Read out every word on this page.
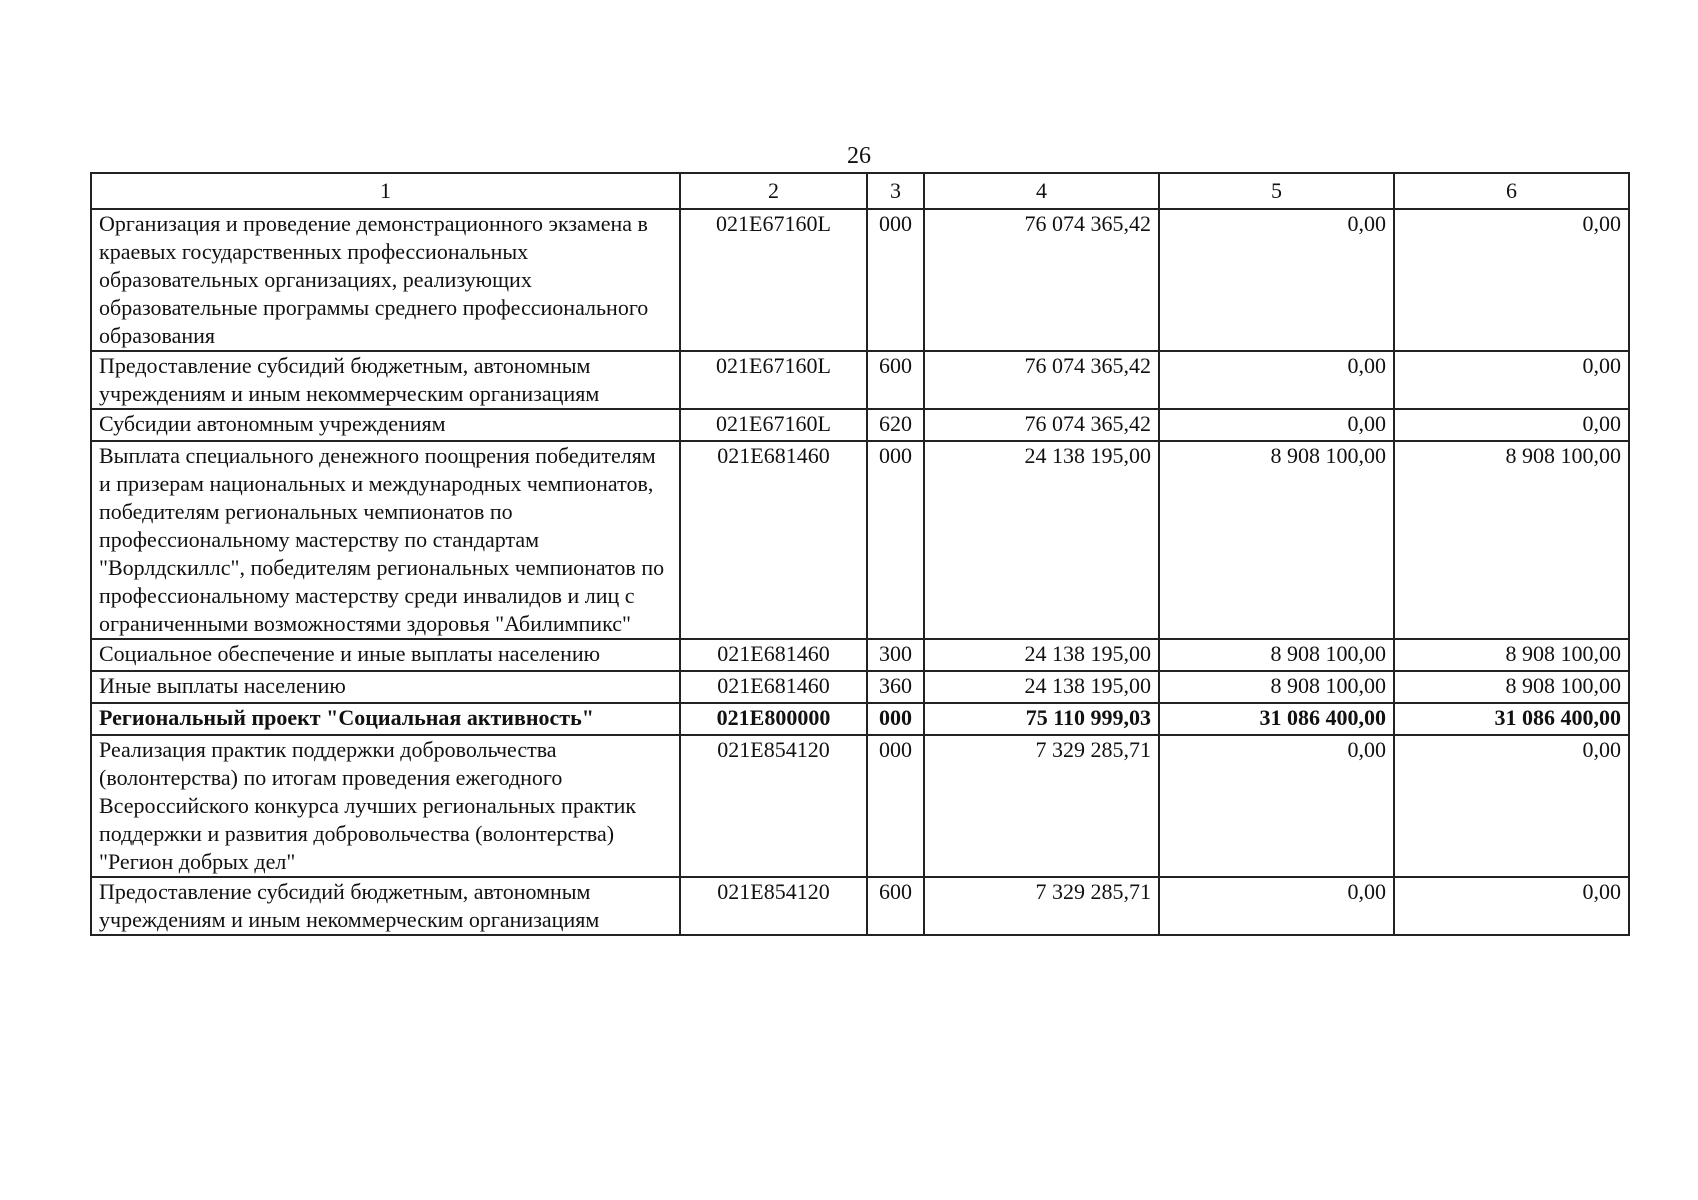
26
1	2	3	4	5	6
Организация и проведение демонстрационного экзамена в краевых государственных профессиональных образовательных организациях, реализующих образовательные программы среднего профессионального образования	021E67160L	000	76 074 365,42	0,00	0,00
Предоставление субсидий бюджетным, автономным учреждениям и иным некоммерческим организациям	021E67160L	600	76 074 365,42	0,00	0,00
Субсидии автономным учреждениям	021E67160L	620	76 074 365,42	0,00	0,00
Выплата специального денежного поощрения победителям и призерам национальных и международных чемпионатов, победителям региональных чемпионатов по профессиональному мастерству по стандартам "Ворлдскиллс", победителям региональных чемпионатов по профессиональному мастерству среди инвалидов и лиц с ограниченными возможностями здоровья "Абилимпикс"	021E681460	000	24 138 195,00	8 908 100,00	8 908 100,00
Социальное обеспечение и иные выплаты населению	021E681460	300	24 138 195,00	8 908 100,00	8 908 100,00
Иные выплаты населению	021E681460	360	24 138 195,00	8 908 100,00	8 908 100,00
Региональный проект "Социальная активность"	021E800000	000	75 110 999,03	31 086 400,00	31 086 400,00
Реализация практик поддержки добровольчества (волонтерства) по итогам проведения ежегодного Всероссийского конкурса лучших региональных практик поддержки и развития добровольчества (волонтерства) "Регион добрых дел"	021E854120	000	7 329 285,71	0,00	0,00
Предоставление субсидий бюджетным, автономным учреждениям и иным некоммерческим организациям	021E854120	600	7 329 285,71	0,00	0,00
